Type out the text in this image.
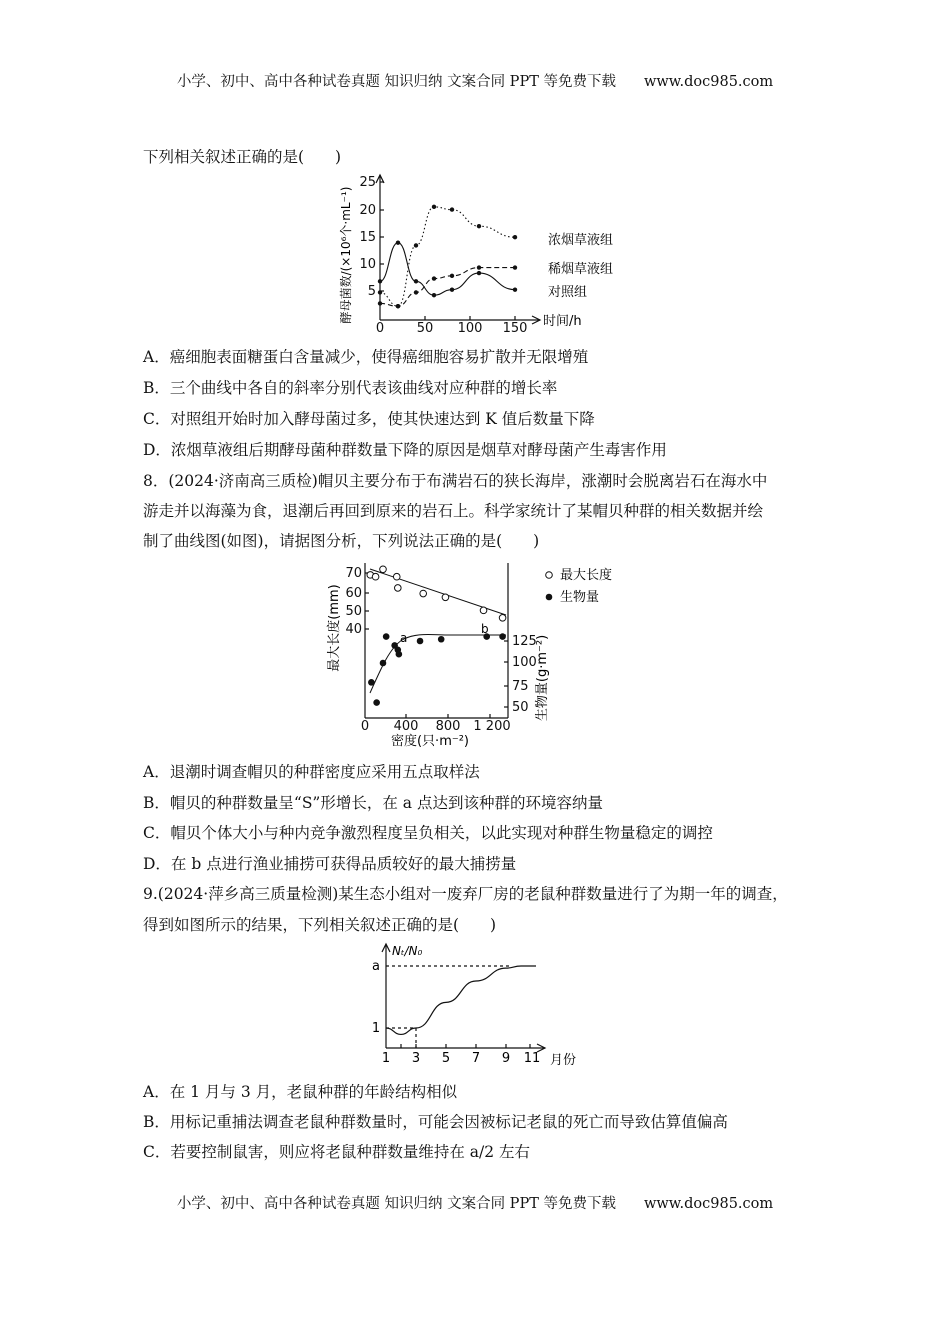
小学、初中、高中各种试卷真题 知识归纳 文案合同 PPT 等免费下载 www.doc985.com
下列相关叙述正确的是(　　)
25
20
15
10
5
0	50 100 150 时间/h
酵母菌数/(×10⁶个·mL⁻¹)	浓烟草液组
稀烟草液组
对照组
A．癌细胞表面糖蛋白含量减少，使得癌细胞容易扩散并无限增殖
B．三个曲线中各自的斜率分别代表该曲线对应种群的增长率
C．对照组开始时加入酵母菌过多，使其快速达到 K 值后数量下降
D．浓烟草液组后期酵母菌种群数量下降的原因是烟草对酵母菌产生毒害作用
8．(2024·济南高三质检)帽贝主要分布于布满岩石的狭长海岸，涨潮时会脱离岩石在海水中
游走并以海藻为食，退潮后再回到原来的岩石上。科学家统计了某帽贝种群的相关数据并绘
制了曲线图(如图)，请据图分析，下列说法正确的是(　　)
70
60
50
40
125
100
75
50
0 400 800 1 200
密度(只·m⁻²)
最大长度(mm)
生物量(g·m⁻²)
a
b
最大长度
生物量
A．退潮时调查帽贝的种群密度应采用五点取样法
B．帽贝的种群数量呈“S”形增长，在 a 点达到该种群的环境容纳量
C．帽贝个体大小与种内竞争激烈程度呈负相关，以此实现对种群生物量稳定的调控
D．在 b 点进行渔业捕捞可获得品质较好的最大捕捞量
9.(2024·萍乡高三质量检测)某生态小组对一废弃厂房的老鼠种群数量进行了为期一年的调查，
得到如图所示的结果，下列相关叙述正确的是(　　)
Nₜ/N₀
a
1
1 3 5 7 9 11 月份
A．在 1 月与 3 月，老鼠种群的年龄结构相似
B．用标记重捕法调查老鼠种群数量时，可能会因被标记老鼠的死亡而导致估算值偏高
C．若要控制鼠害，则应将老鼠种群数量维持在 a/2 左右
小学、初中、高中各种试卷真题 知识归纳 文案合同 PPT 等免费下载 www.doc985.com
